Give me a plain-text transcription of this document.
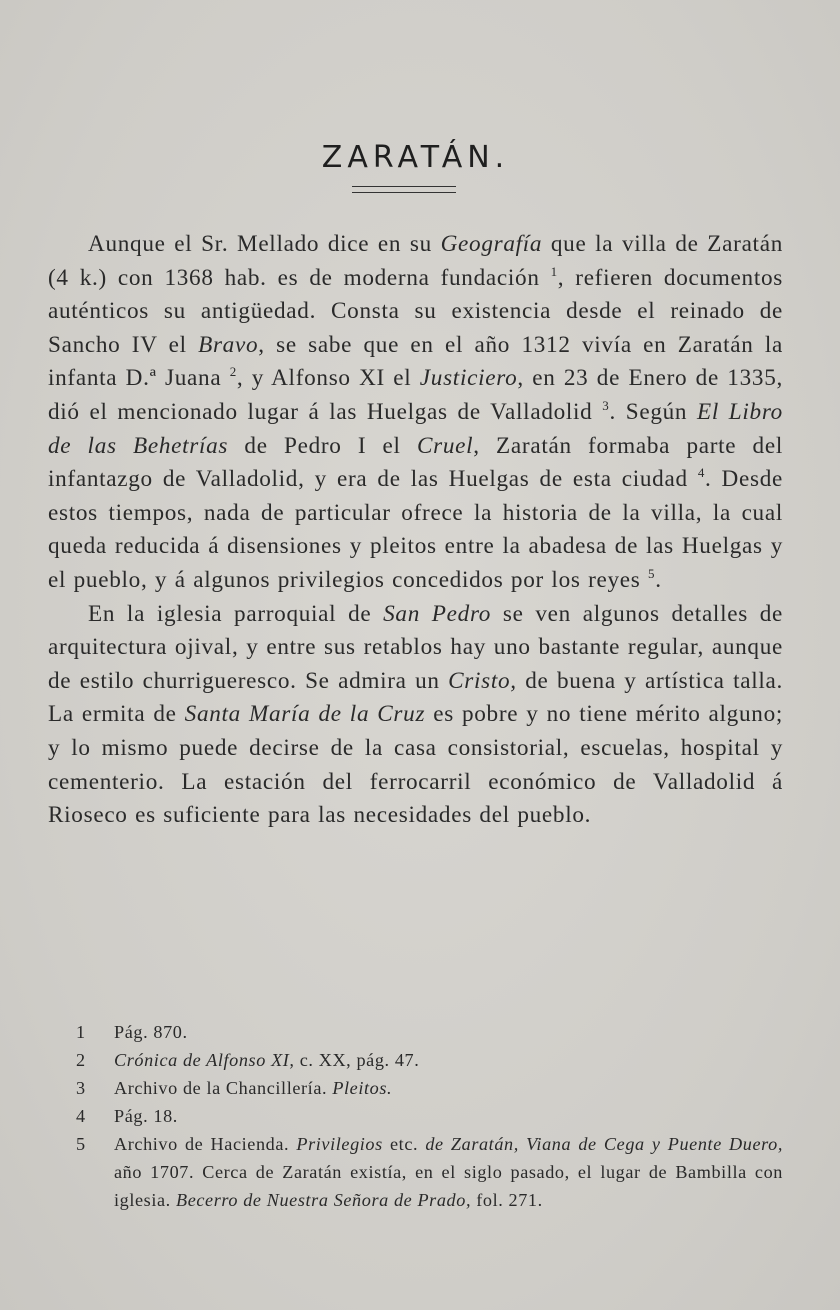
ZARATÁN.

Aunque el Sr. Mellado dice en su Geografía que la villa de Zaratán (4 k.) con 1368 hab. es de moderna fundación $^1$, refieren documentos auténticos su antigüedad. Consta su existencia desde el reinado de Sancho IV el Bravo, se sabe que en el año 1312 vivía en Zaratán la infanta D.ª Juana $^2$, y Alfonso XI el Justiciero, en 23 de Enero de 1335, dió el mencionado lugar á las Huelgas de Valladolid $^3$. Según El Libro de las Behetrías de Pedro I el Cruel, Zaratán formaba parte del infantazgo de Valladolid, y era de las Huelgas de esta ciudad $^4$. Desde estos tiempos, nada de particular ofrece la historia de la villa, la cual queda reducida á disensiones y pleitos entre la abadesa de las Huelgas y el pueblo, y á algunos privilegios concedidos por los reyes $^5$.

En la iglesia parroquial de San Pedro se ven algunos detalles de arquitectura ojival, y entre sus retablos hay uno bastante regular, aunque de estilo churrigueresco. Se admira un Cristo, de buena y artística talla. La ermita de Santa María de la Cruz es pobre y no tiene mérito alguno; y lo mismo puede decirse de la casa consistorial, escuelas, hospital y cementerio. La estación del ferrocarril económico de Valladolid á Rioseco es suficiente para las necesidades del pueblo.

1	Pág. 870.
2	Crónica de Alfonso XI, c. XX, pág. 47.
3	Archivo de la Chancillería. Pleitos.
4	Pág. 18.
5	Archivo de Hacienda. Privilegios etc. de Zaratán, Viana de Cega y Puente Duero, año 1707. Cerca de Zaratán existía, en el siglo pasado, el lugar de Bambilla con iglesia. Becerro de Nuestra Señora de Prado, fol. 271.
